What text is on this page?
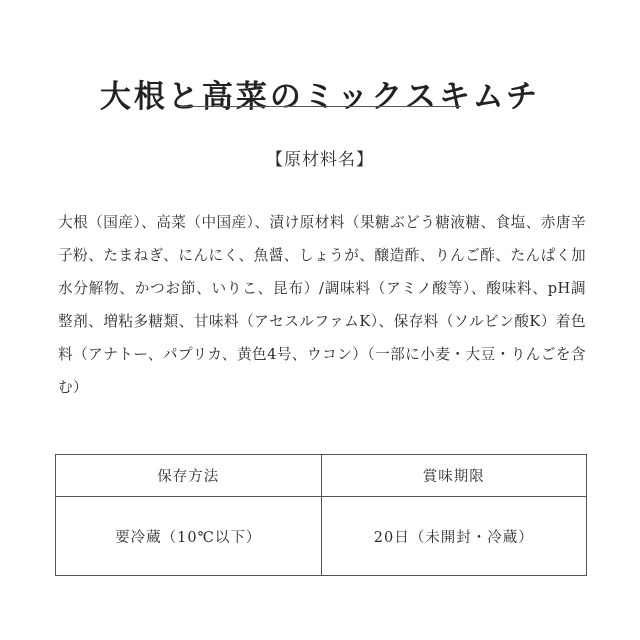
大根と高菜のミックスキムチ
【原材料名】

大根（国産）、高菜（中国産）、漬け原材料（果糖ぶどう糖液糖、食塩、赤唐辛子粉、たまねぎ、にんにく、魚醤、しょうが、醸造酢、りんご酢、たんぱく加水分解物、かつお節、いりこ、昆布）/調味料（アミノ酸等）、酸味料、pH調整剤、増粘多糖類、甘味料（アセスルファムK）、保存料（ソルビン酸K）着色料（アナトー、パプリカ、黄色4号、ウコン）（一部に小麦・大豆・りんごを含む）

保存方法	賞味期限
要冷蔵（10℃以下）	20日（未開封・冷蔵）
